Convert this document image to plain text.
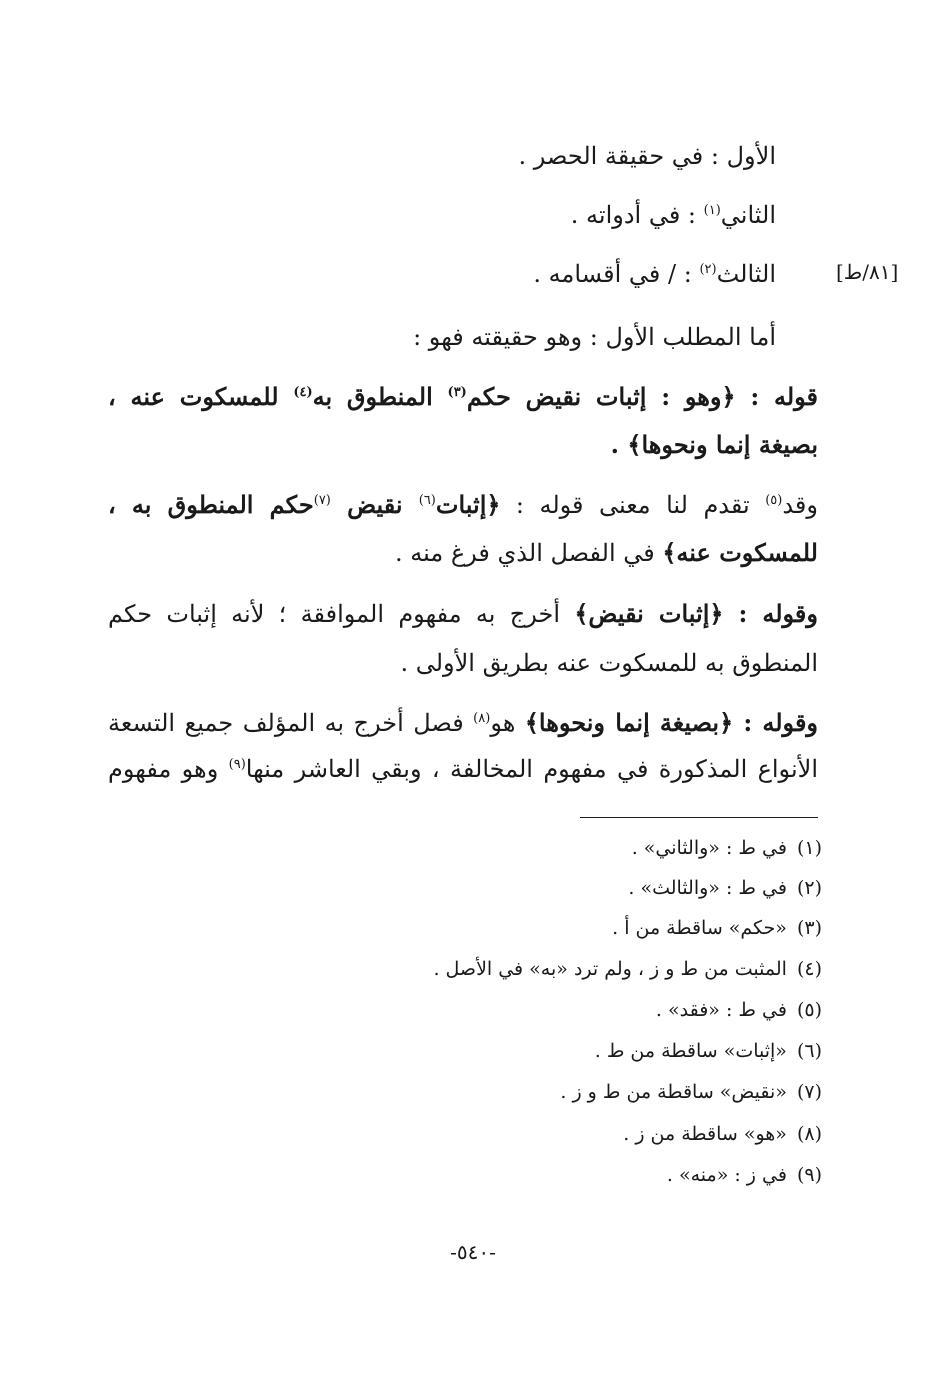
[٨١/ط]
الأول : في حقيقة الحصر .
الثاني$^{(١)}$ : في أدواته .
الثالث$^{(٢)}$ : / في أقسامه .
أما المطلب الأول : وهو حقيقته فهو :
قوله : ﴿وهو : إثبات نقيض حكم$^{(٣)}$ المنطوق به$^{(٤)}$ للمسكوت عنه ،
بصيغة إنما ونحوها﴾ .
وقد$^{(٥)}$ تقدم لنا معنى قوله : ﴿إثبات$^{(٦)}$ نقيض $^{(٧)}$حكم المنطوق به ،
للمسكوت عنه﴾ في الفصل الذي فرغ منه .
وقوله : ﴿إثبات نقيض﴾ أخرج به مفهوم الموافقة ؛ لأنه إثبات حكم
المنطوق به للمسكوت عنه بطريق الأولى .
وقوله : ﴿بصيغة إنما ونحوها﴾ هو$^{(٨)}$ فصل أخرج به المؤلف جميع التسعة
الأنواع المذكورة في مفهوم المخالفة ، وبقي العاشر منها$^{(٩)}$ وهو مفهوم
(١)في ط : «والثاني» .
(٢)في ط : «والثالث» .
(٣)«حكم» ساقطة من أ .
(٤)المثبت من ط و ز ، ولم ترد «به» في الأصل .
(٥)في ط : «فقد» .
(٦)«إثبات» ساقطة من ط .
(٧)«نقيض» ساقطة من ط و ز .
(٨)«هو» ساقطة من ز .
(٩)في ز : «منه» .
-٥٤٠-
